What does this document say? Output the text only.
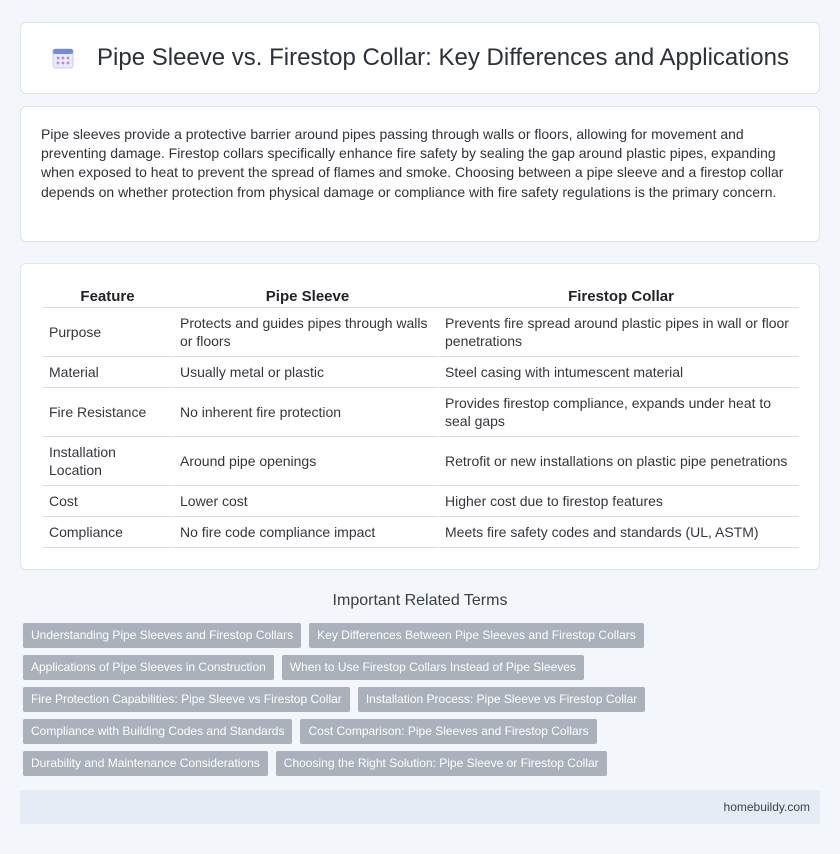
Pipe Sleeve vs. Firestop Collar: Key Differences and Applications

Pipe sleeves provide a protective barrier around pipes passing through walls or floors, allowing for movement and preventing damage. Firestop collars specifically enhance fire safety by sealing the gap around plastic pipes, expanding when exposed to heat to prevent the spread of flames and smoke. Choosing between a pipe sleeve and a firestop collar depends on whether protection from physical damage or compliance with fire safety regulations is the primary concern.

Feature	Pipe Sleeve	Firestop Collar
Purpose	Protects and guides pipes through walls or floors	Prevents fire spread around plastic pipes in wall or floor penetrations
Material	Usually metal or plastic	Steel casing with intumescent material
Fire Resistance	No inherent fire protection	Provides firestop compliance, expands under heat to seal gaps
Installation Location	Around pipe openings	Retrofit or new installations on plastic pipe penetrations
Cost	Lower cost	Higher cost due to firestop features
Compliance	No fire code compliance impact	Meets fire safety codes and standards (UL, ASTM)
Important Related Terms
Understanding Pipe Sleeves and Firestop Collars	Key Differences Between Pipe Sleeves and Firestop Collars
Applications of Pipe Sleeves in Construction	When to Use Firestop Collars Instead of Pipe Sleeves
Fire Protection Capabilities: Pipe Sleeve vs Firestop Collar	Installation Process: Pipe Sleeve vs Firestop Collar
Compliance with Building Codes and Standards	Cost Comparison: Pipe Sleeves and Firestop Collars
Durability and Maintenance Considerations	Choosing the Right Solution: Pipe Sleeve or Firestop Collar
homebuildy.com
